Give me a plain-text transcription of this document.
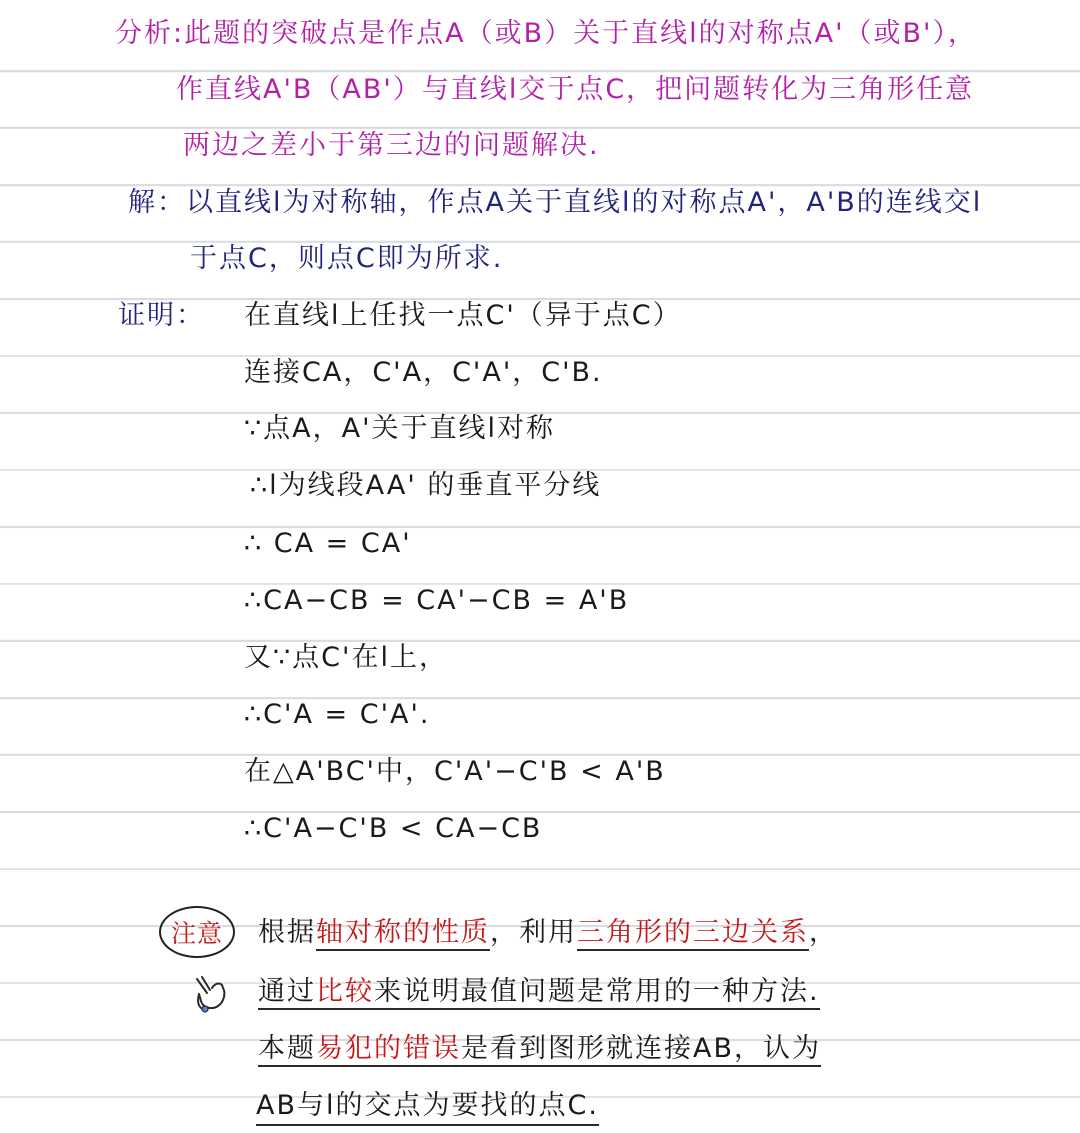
分析:此题的突破点是作点A（或B）关于直线l的对称点A'（或B'），
作直线A'B（AB'）与直线l交于点C，把问题转化为三角形任意
两边之差小于第三边的问题解决.
解：以直线l为对称轴，作点A关于直线l的对称点A'，A'B的连线交l
于点C，则点C即为所求.
证明： 在直线l上任找一点C'（异于点C）
连接CA，C'A，C'A'，C'B.
∵点A，A'关于直线l对称
∴l为线段AA' 的垂直平分线
∴ CA = CA'
∴CA−CB = CA'−CB = A'B
又∵点C'在l上，
∴C'A = C'A'.
在△A'BC'中，C'A'−C'B < A'B
∴C'A−C'B < CA−CB
注意	根据轴对称的性质，利用三角形的三边关系，
通过比较来说明最值问题是常用的一种方法.
本题易犯的错误是看到图形就连接AB，认为
AB与l的交点为要找的点C.
